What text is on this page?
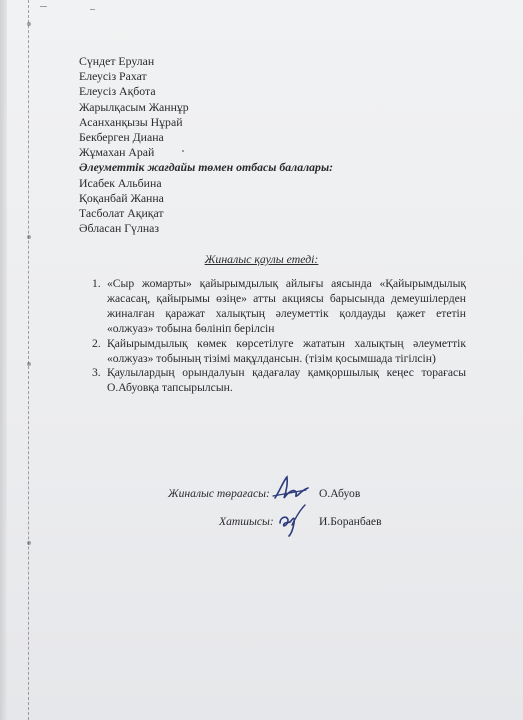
Сүндет Ерулан
Елеусіз Рахат
Елеусіз Ақбота
Жарылқасым Жаннұр
Асанханқызы Нұрай
Бекберген Диана
Жұмахан Арай
Әлеуметтік жағдайы төмен отбасы балалары:
Исабек Альбина
Қоқанбай Жанна
Тасболат Ақиқат
Әбласан Гүлназ
Жиналыс қаулы етеді:
1. «Сыр жомарты» қайырымдылық айлығы аясында «Қайырымдылық жасасаң, қайырымы өзіңе» атты акциясы барысында демеушілерден жиналған қаражат халықтың әлеуметтік қолдауды қажет ететін «олжуаз» тобына бөлініп берілсін
2. Қайырымдылық көмек көрсетілуге жататын халықтың әлеуметтік «олжуаз» тобының тізімі мақұлдансын. (тізім қосымшада тігілсін)
3. Қаулылардың орындалуын қадағалау қамқоршылық кеңес торағасы О.Абуовқа тапсырылсын.
Жиналыс төрағасы:	О.Абуов
Хатшысы:	И.Боранбаев
